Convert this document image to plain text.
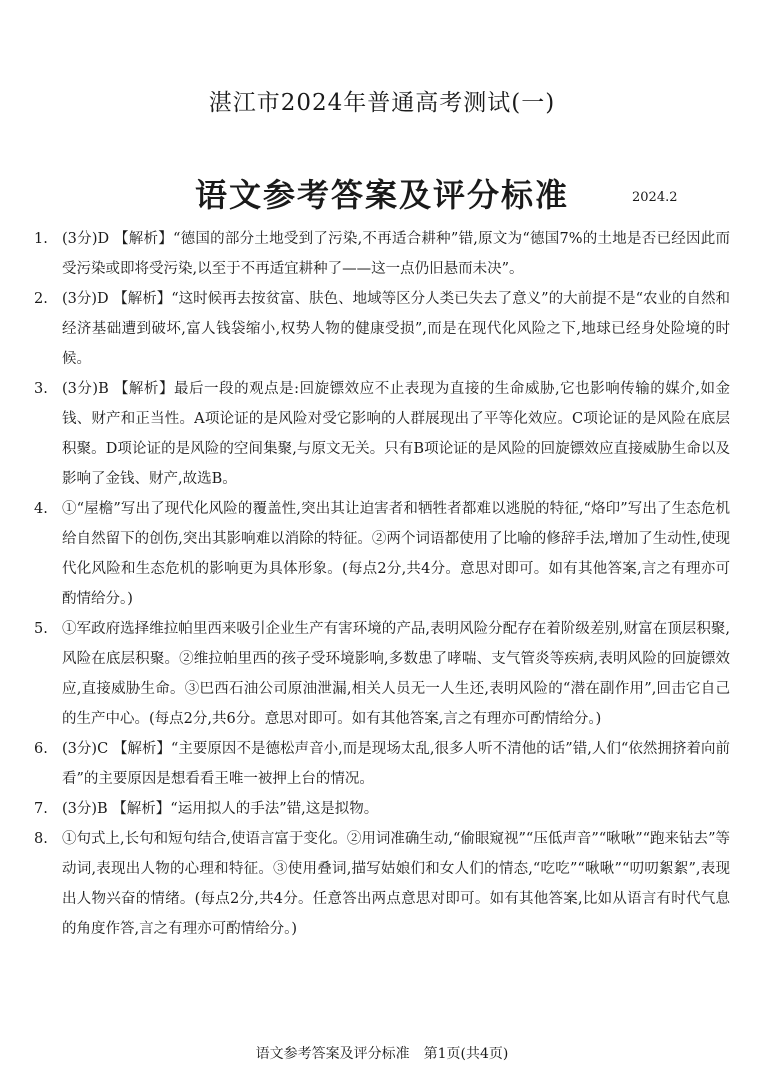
湛江市2024年普通高考测试(一)
语文参考答案及评分标准	2024.2
1. (3分)D 【解析】“德国的部分土地受到了污染,不再适合耕种”错,原文为“德国7%的土地是否已经因此而受污染或即将受污染,以至于不再适宜耕种了——这一点仍旧悬而未决”。
2. (3分)D 【解析】“这时候再去按贫富、肤色、地域等区分人类已失去了意义”的大前提不是“农业的自然和经济基础遭到破坏,富人钱袋缩小,权势人物的健康受损”,而是在现代化风险之下,地球已经身处险境的时候。
3. (3分)B 【解析】最后一段的观点是:回旋镖效应不止表现为直接的生命威胁,它也影响传输的媒介,如金钱、财产和正当性。A项论证的是风险对受它影响的人群展现出了平等化效应。C项论证的是风险在底层积聚。D项论证的是风险的空间集聚,与原文无关。只有B项论证的是风险的回旋镖效应直接威胁生命以及影响了金钱、财产,故选B。
4. ①“屋檐”写出了现代化风险的覆盖性,突出其让迫害者和牺牲者都难以逃脱的特征,“烙印”写出了生态危机给自然留下的创伤,突出其影响难以消除的特征。②两个词语都使用了比喻的修辞手法,增加了生动性,使现代化风险和生态危机的影响更为具体形象。(每点2分,共4分。意思对即可。如有其他答案,言之有理亦可酌情给分。)
5. ①军政府选择维拉帕里西来吸引企业生产有害环境的产品,表明风险分配存在着阶级差别,财富在顶层积聚,风险在底层积聚。②维拉帕里西的孩子受环境影响,多数患了哮喘、支气管炎等疾病,表明风险的回旋镖效应,直接威胁生命。③巴西石油公司原油泄漏,相关人员无一人生还,表明风险的“潜在副作用”,回击它自己的生产中心。(每点2分,共6分。意思对即可。如有其他答案,言之有理亦可酌情给分。)
6. (3分)C 【解析】“主要原因不是德松声音小,而是现场太乱,很多人听不清他的话”错,人们“依然拥挤着向前看”的主要原因是想看看王唯一被押上台的情况。
7. (3分)B 【解析】“运用拟人的手法”错,这是拟物。
8. ①句式上,长句和短句结合,使语言富于变化。②用词准确生动,“偷眼窥视”“压低声音”“啾啾”“跑来钻去”等动词,表现出人物的心理和特征。③使用叠词,描写姑娘们和女人们的情态,“吃吃”“啾啾”“叨叨絮絮”,表现出人物兴奋的情绪。(每点2分,共4分。任意答出两点意思对即可。如有其他答案,比如从语言有时代气息的角度作答,言之有理亦可酌情给分。)
语文参考答案及评分标准　第1页(共4页)
